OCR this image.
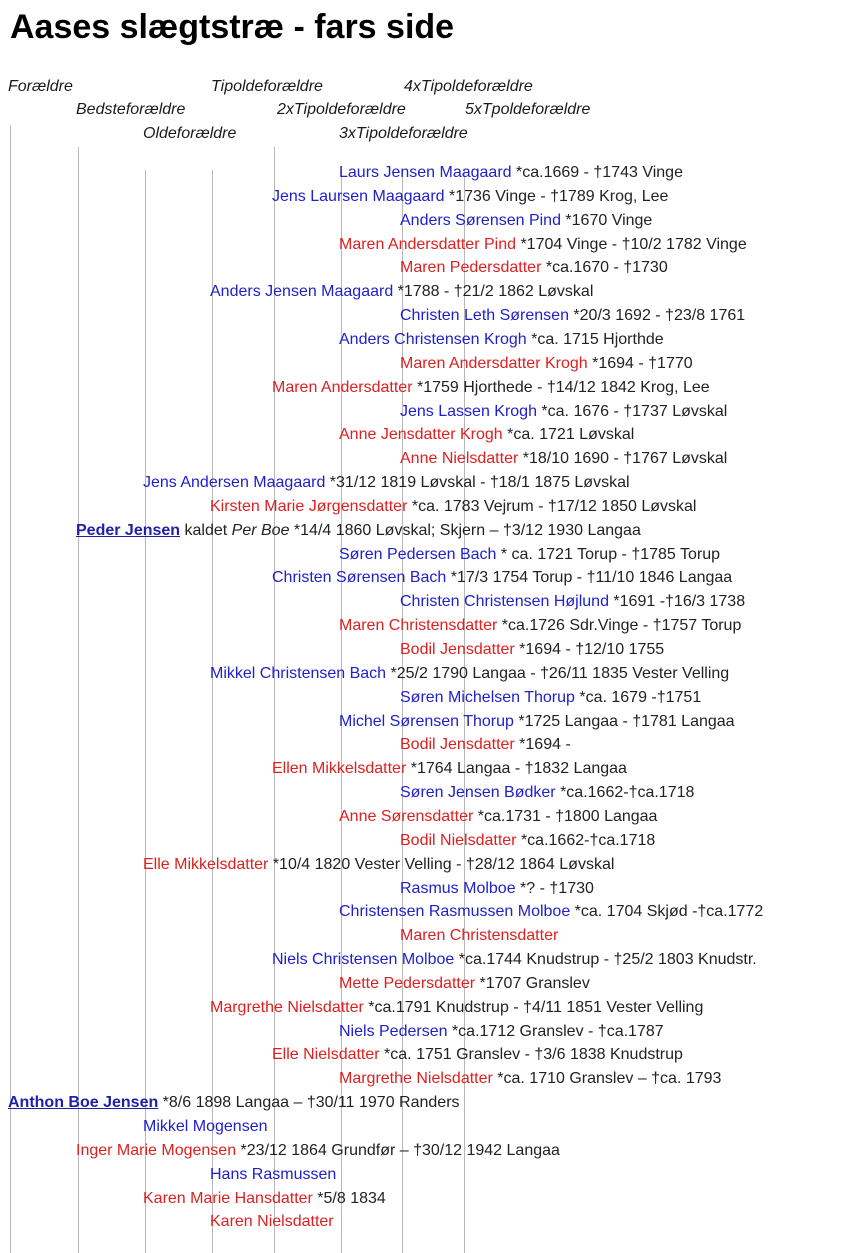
Aases slægtstræ - fars side
Forældre
Bedsteforældre
Oldeforældre
Tipoldeforældre
2xTipoldeforældre
3xTipoldeforældre
4xTipoldeforældre
5xTpoldeforældre
Laurs Jensen Maagaard *ca.1669 - †1743 Vinge
Jens Laursen Maagaard *1736 Vinge - †1789 Krog, Lee
Anders Sørensen Pind *1670 Vinge
Maren Andersdatter Pind *1704 Vinge - †10/2 1782 Vinge
Maren Pedersdatter *ca.1670 - †1730
Anders Jensen Maagaard *1788 - †21/2 1862 Løvskal
Christen Leth Sørensen *20/3 1692 - †23/8 1761
Anders Christensen Krogh *ca. 1715 Hjorthde
Maren Andersdatter Krogh *1694 - †1770
Maren Andersdatter *1759 Hjorthede - †14/12 1842 Krog, Lee
Jens Lassen Krogh *ca. 1676 - †1737 Løvskal
Anne Jensdatter Krogh *ca. 1721 Løvskal
Anne Nielsdatter *18/10 1690 - †1767 Løvskal
Jens Andersen Maagaard *31/12 1819 Løvskal - †18/1 1875 Løvskal
Kirsten Marie Jørgensdatter *ca. 1783 Vejrum - †17/12 1850 Løvskal
Peder Jensen kaldet Per Boe *14/4 1860 Løvskal; Skjern – †3/12 1930 Langaa
Søren Pedersen Bach * ca. 1721 Torup - †1785 Torup
Christen Sørensen Bach *17/3 1754 Torup - †11/10 1846 Langaa
Christen Christensen Højlund *1691 -†16/3 1738
Maren Christensdatter *ca.1726 Sdr.Vinge - †1757 Torup
Bodil Jensdatter *1694 - †12/10 1755
Mikkel Christensen Bach *25/2 1790 Langaa - †26/11 1835 Vester Velling
Søren Michelsen Thorup *ca. 1679 -†1751
Michel Sørensen Thorup *1725 Langaa - †1781 Langaa
Bodil Jensdatter *1694 -
Ellen Mikkelsdatter *1764 Langaa - †1832 Langaa
Søren Jensen Bødker *ca.1662-†ca.1718
Anne Sørensdatter *ca.1731 - †1800 Langaa
Bodil Nielsdatter *ca.1662-†ca.1718
Elle Mikkelsdatter *10/4 1820 Vester Velling - †28/12 1864 Løvskal
Rasmus Molboe *? - †1730
Christensen Rasmussen Molboe *ca. 1704 Skjød -†ca.1772
Maren Christensdatter
Niels Christensen Molboe *ca.1744 Knudstrup - †25/2 1803 Knudstr.
Mette Pedersdatter *1707 Granslev
Margrethe Nielsdatter *ca.1791 Knudstrup - †4/11 1851 Vester Velling
Niels Pedersen *ca.1712 Granslev - †ca.1787
Elle Nielsdatter *ca. 1751 Granslev - †3/6 1838 Knudstrup
Margrethe Nielsdatter *ca. 1710 Granslev – †ca. 1793
Anthon Boe Jensen *8/6 1898 Langaa – †30/11 1970 Randers
Mikkel Mogensen
Inger Marie Mogensen *23/12 1864 Grundfør – †30/12 1942 Langaa
Hans Rasmussen
Karen Marie Hansdatter *5/8 1834
Karen Nielsdatter
